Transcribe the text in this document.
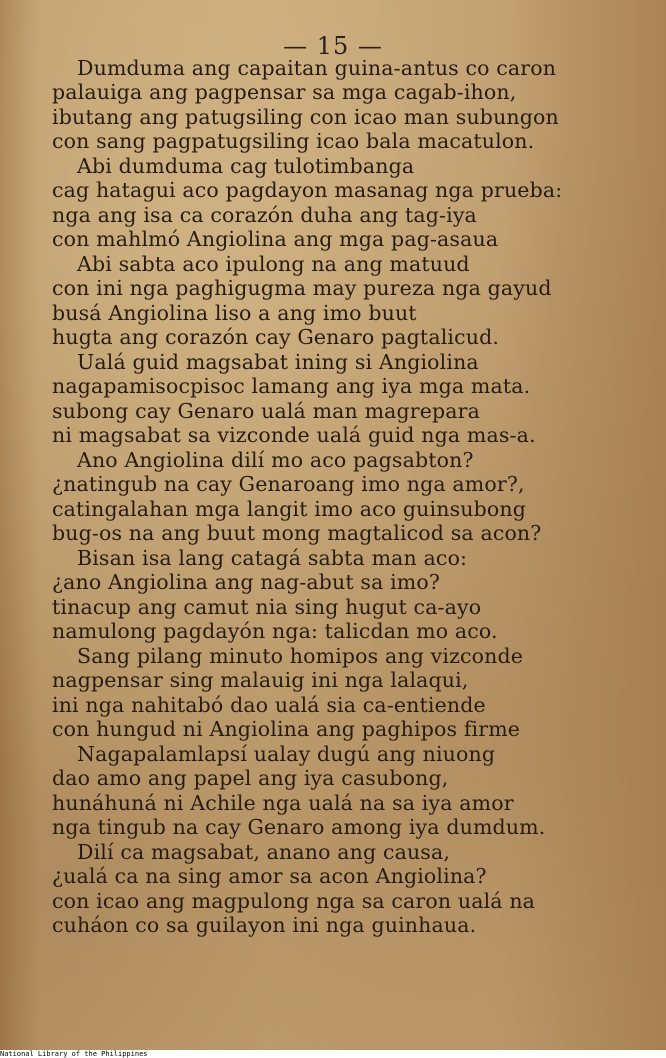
— 15 —
Dumduma ang capaitan guina-antus co caron
palauiga ang pagpensar sa mga cagab-ihon,
ibutang ang patugsiling con icao man subungon
con sang pagpatugsiling icao bala macatulon.
Abi dumduma cag tulotimbanga
cag hatagui aco pagdayon masanag nga prueba:
nga ang isa ca corazón duha ang tag-iya
con mahlmó Angiolina ang mga pag-asaua
Abi sabta aco ipulong na ang matuud
con ini nga paghigugma may pureza nga gayud
busá Angiolina liso a ang imo buut
hugta ang corazón cay Genaro pagtalicud.
Ualá guid magsabat ining si Angiolina
nagapamisocpisoc lamang ang iya mga mata.
subong cay Genaro ualá man magrepara
ni magsabat sa vizconde ualá guid nga mas-a.
Ano Angiolina dilí mo aco pagsabton?
¿natingub na cay Genaroang imo nga amor?,
catingalahan mga langit imo aco guinsubong
bug-os na ang buut mong magtalicod sa acon?
Bisan isa lang catagá sabta man aco:
¿ano Angiolina ang nag-abut sa imo?
tinacup ang camut nia sing hugut ca-ayo
namulong pagdayón nga: talicdan mo aco.
Sang pilang minuto homipos ang vizconde
nagpensar sing malauig ini nga lalaqui,
ini nga nahitabó dao ualá sia ca-entiende
con hungud ni Angiolina ang paghipos firme
Nagapalamlapsí ualay dugú ang niuong
dao amo ang papel ang iya casubong,
hunáhuná ni Achile nga ualá na sa iya amor
nga tingub na cay Genaro among iya dumdum.
Dilí ca magsabat, anano ang causa,
¿ualá ca na sing amor sa acon Angiolina?
con icao ang magpulong nga sa caron ualá na
cuháon co sa guilayon ini nga guinhaua.
National Library of the Philippines
